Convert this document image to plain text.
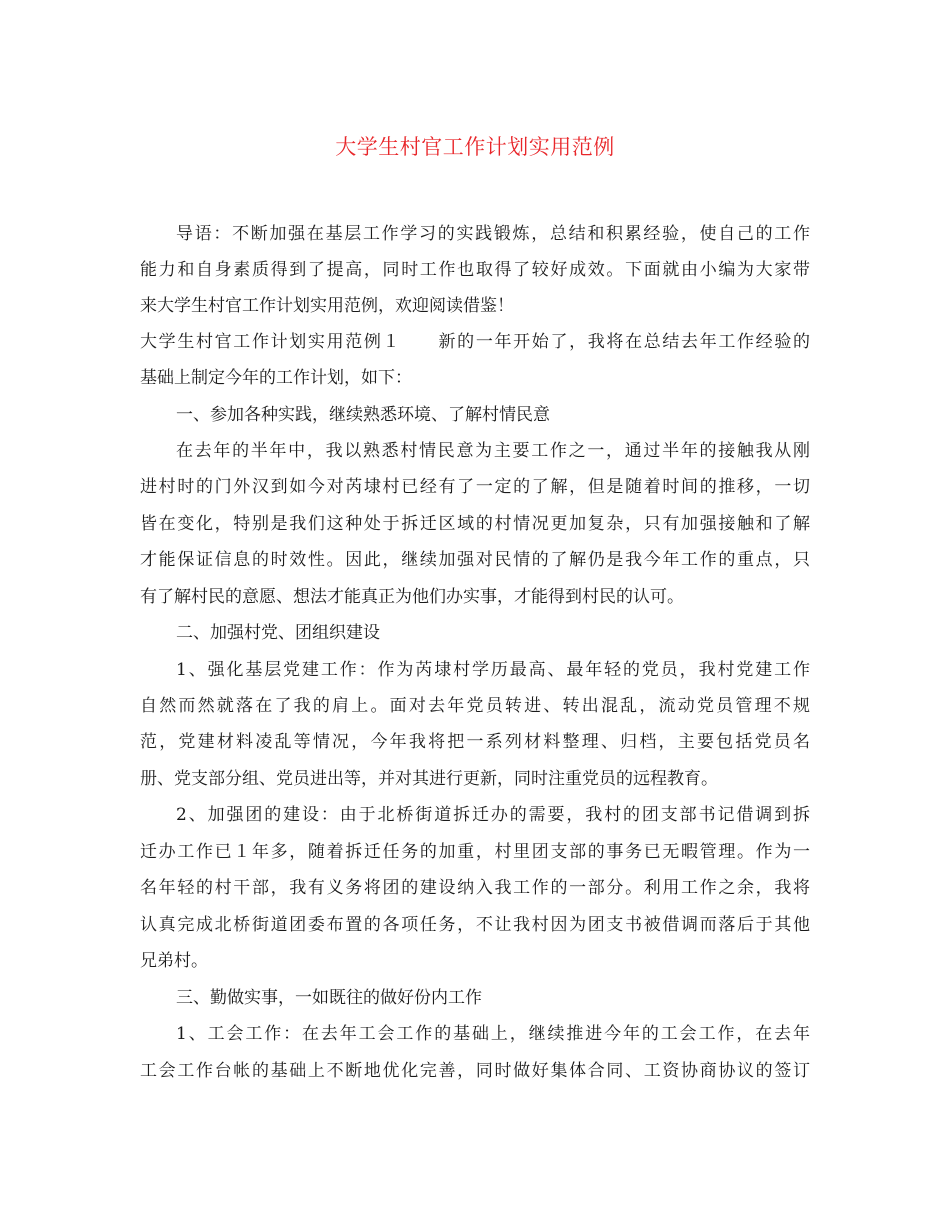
大学生村官工作计划实用范例
导语：不断加强在基层工作学习的实践锻炼，总结和积累经验，使自己的工作
能力和自身素质得到了提高，同时工作也取得了较好成效。下面就由小编为大家带
来大学生村官工作计划实用范例，欢迎阅读借鉴！
大学生村官工作计划实用范例１　　新的一年开始了，我将在总结去年工作经验的
基础上制定今年的工作计划，如下：
一、参加各种实践，继续熟悉环境、了解村情民意
在去年的半年中，我以熟悉村情民意为主要工作之一，通过半年的接触我从刚
进村时的门外汉到如今对芮埭村已经有了一定的了解，但是随着时间的推移，一切
皆在变化，特别是我们这种处于拆迁区域的村情况更加复杂，只有加强接触和了解
才能保证信息的时效性。因此，继续加强对民情的了解仍是我今年工作的重点，只
有了解村民的意愿、想法才能真正为他们办实事，才能得到村民的认可。
二、加强村党、团组织建设
1、强化基层党建工作：作为芮埭村学历最高、最年轻的党员，我村党建工作
自然而然就落在了我的肩上。面对去年党员转进、转出混乱，流动党员管理不规
范，党建材料凌乱等情况，今年我将把一系列材料整理、归档，主要包括党员名
册、党支部分组、党员进出等，并对其进行更新，同时注重党员的远程教育。
2、加强团的建设：由于北桥街道拆迁办的需要，我村的团支部书记借调到拆
迁办工作已１年多，随着拆迁任务的加重，村里团支部的事务已无暇管理。作为一
名年轻的村干部，我有义务将团的建设纳入我工作的一部分。利用工作之余，我将
认真完成北桥街道团委布置的各项任务，不让我村因为团支书被借调而落后于其他
兄弟村。
三、勤做实事，一如既往的做好份内工作
1、工会工作：在去年工会工作的基础上，继续推进今年的工会工作，在去年
工会工作台帐的基础上不断地优化完善，同时做好集体合同、工资协商协议的签订
